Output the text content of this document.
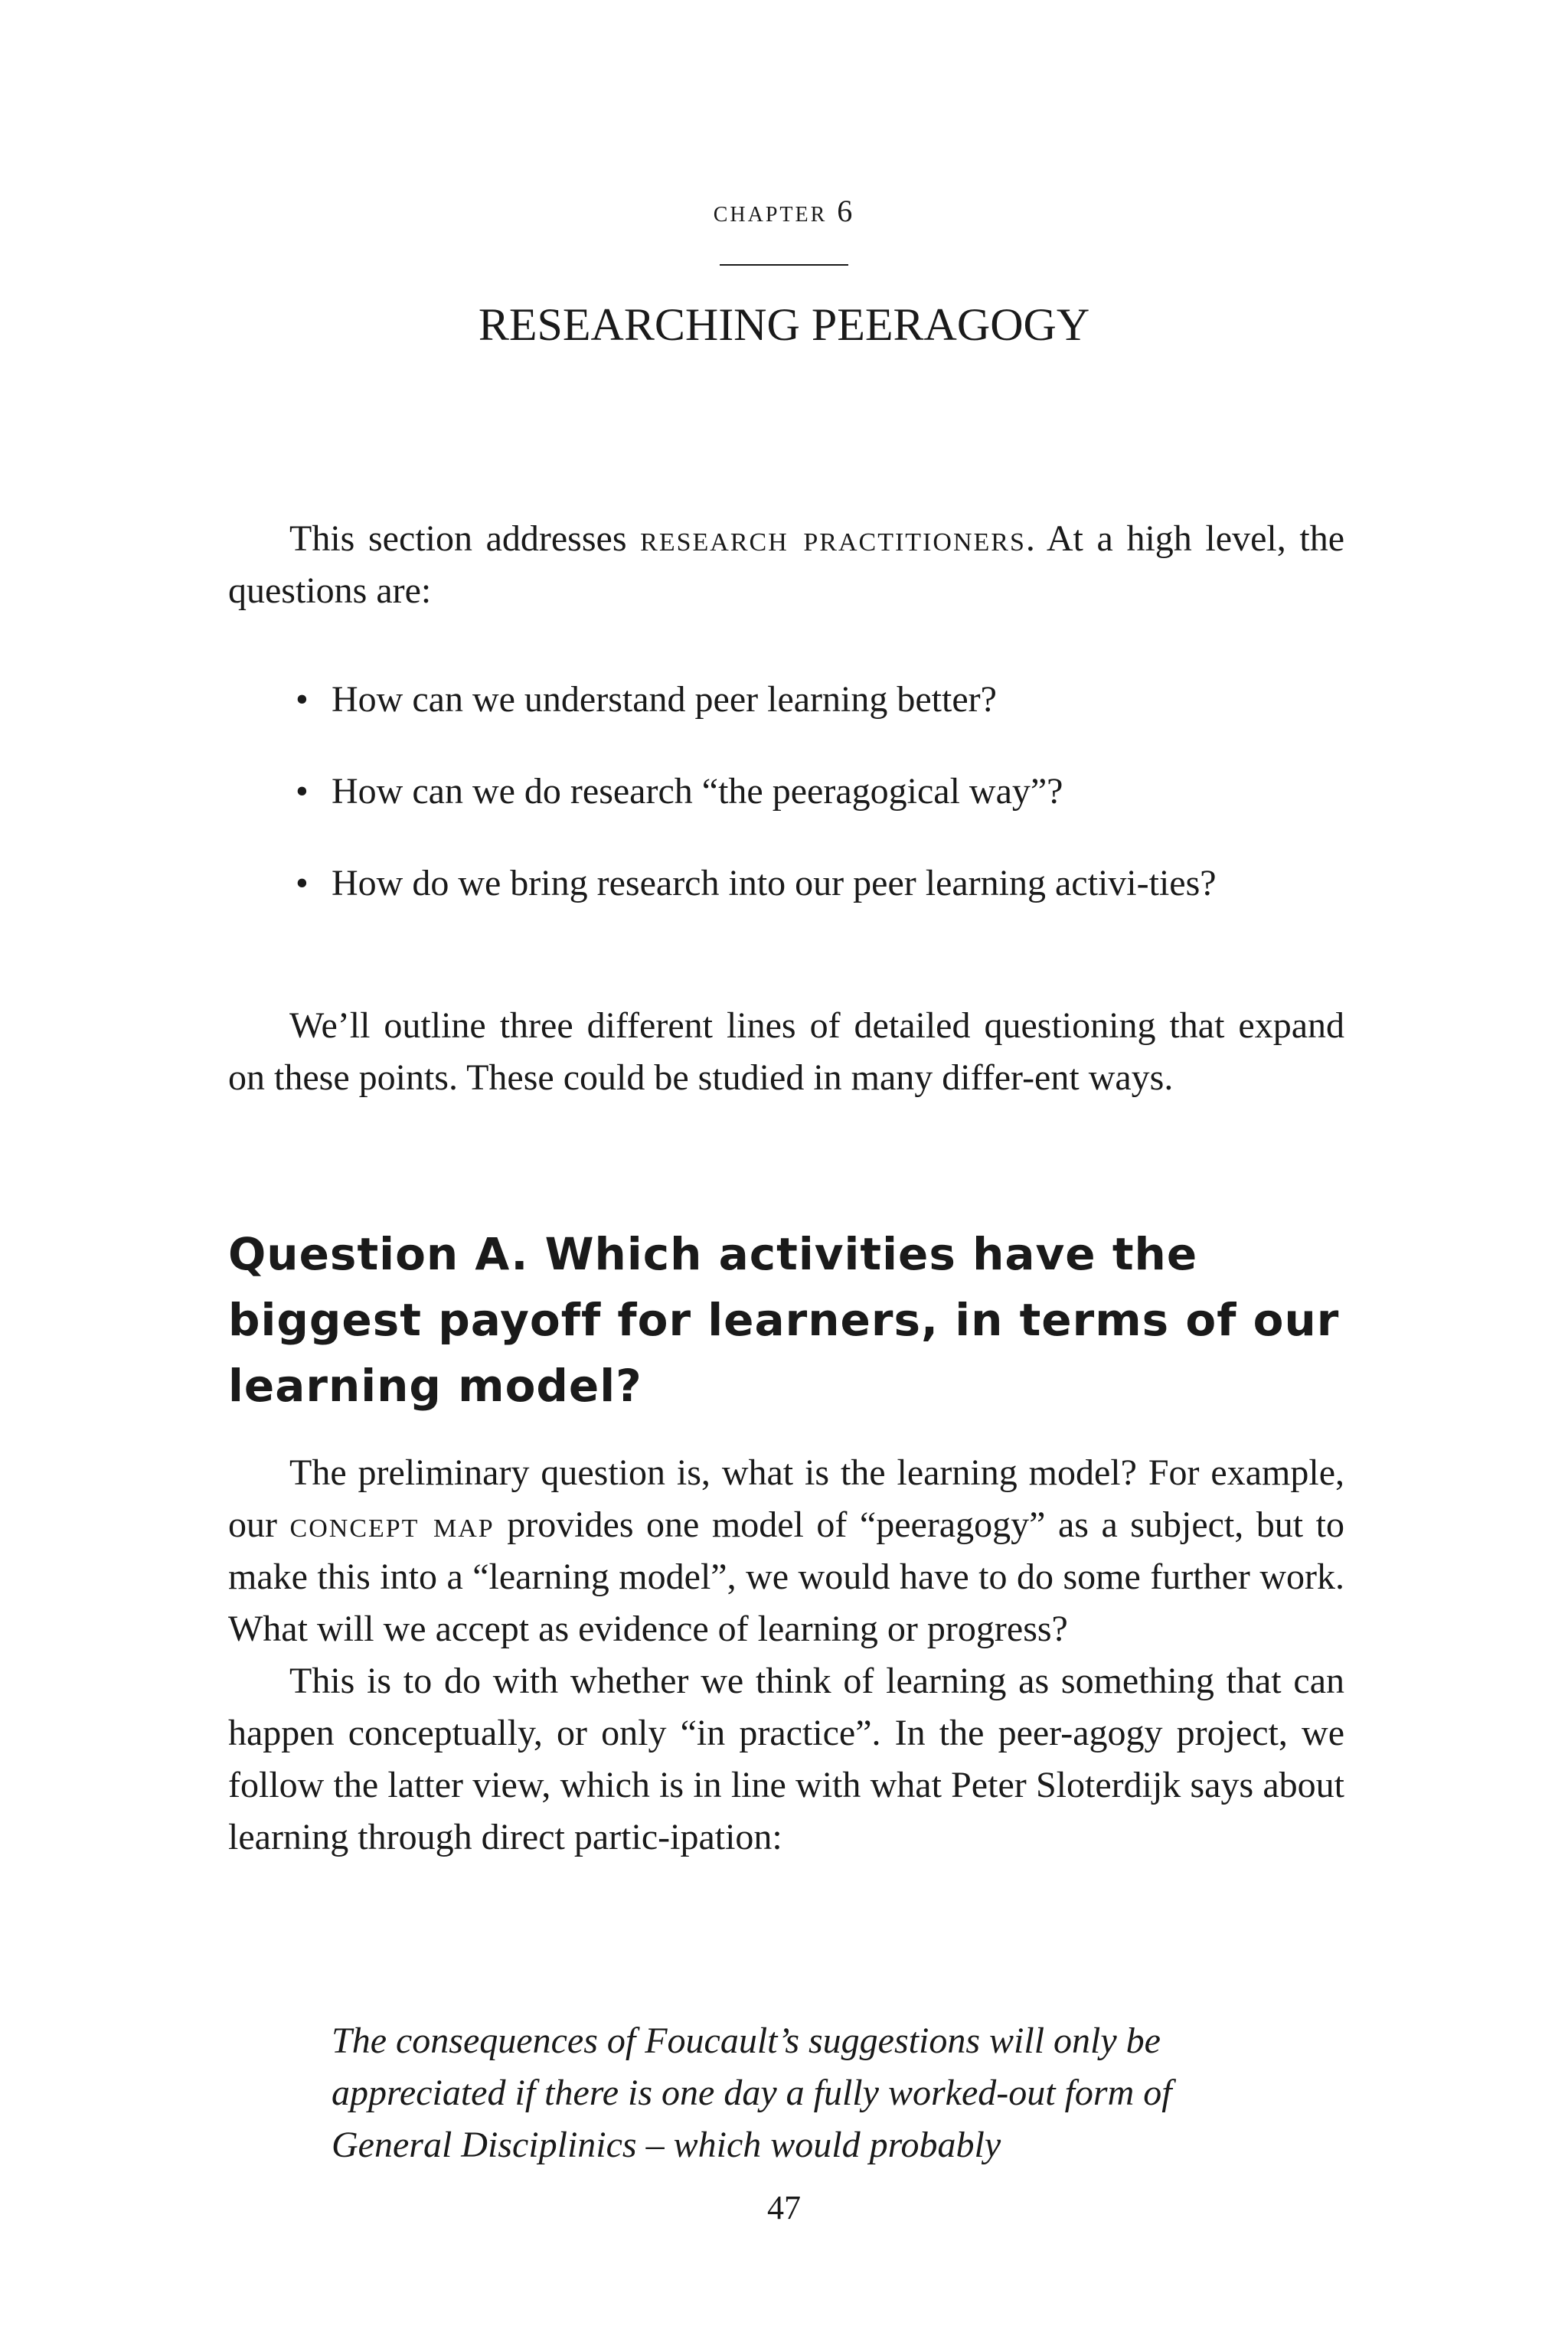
chapter 6
RESEARCHING PEERAGOGY

This section addresses research practitioners. At a high level, the questions are:

• How can we understand peer learning better?
• How can we do research “the peeragogical way”?
• How do we bring research into our peer learning activi-ties?

We’ll outline three different lines of detailed questioning that expand on these points. These could be studied in many differ-ent ways.

Question A. Which activities have the biggest payoff for learners, in terms of our learning model?

The preliminary question is, what is the learning model? For example, our concept map provides one model of “peeragogy” as a subject, but to make this into a “learning model”, we would have to do some further work. What will we accept as evidence of learning or progress?

This is to do with whether we think of learning as something that can happen conceptually, or only “in practice”. In the peer-agogy project, we follow the latter view, which is in line with what Peter Sloterdijk says about learning through direct partic-ipation:

The consequences of Foucault’s suggestions will only be appreciated if there is one day a fully worked-out form of General Disciplinics – which would probably
47
